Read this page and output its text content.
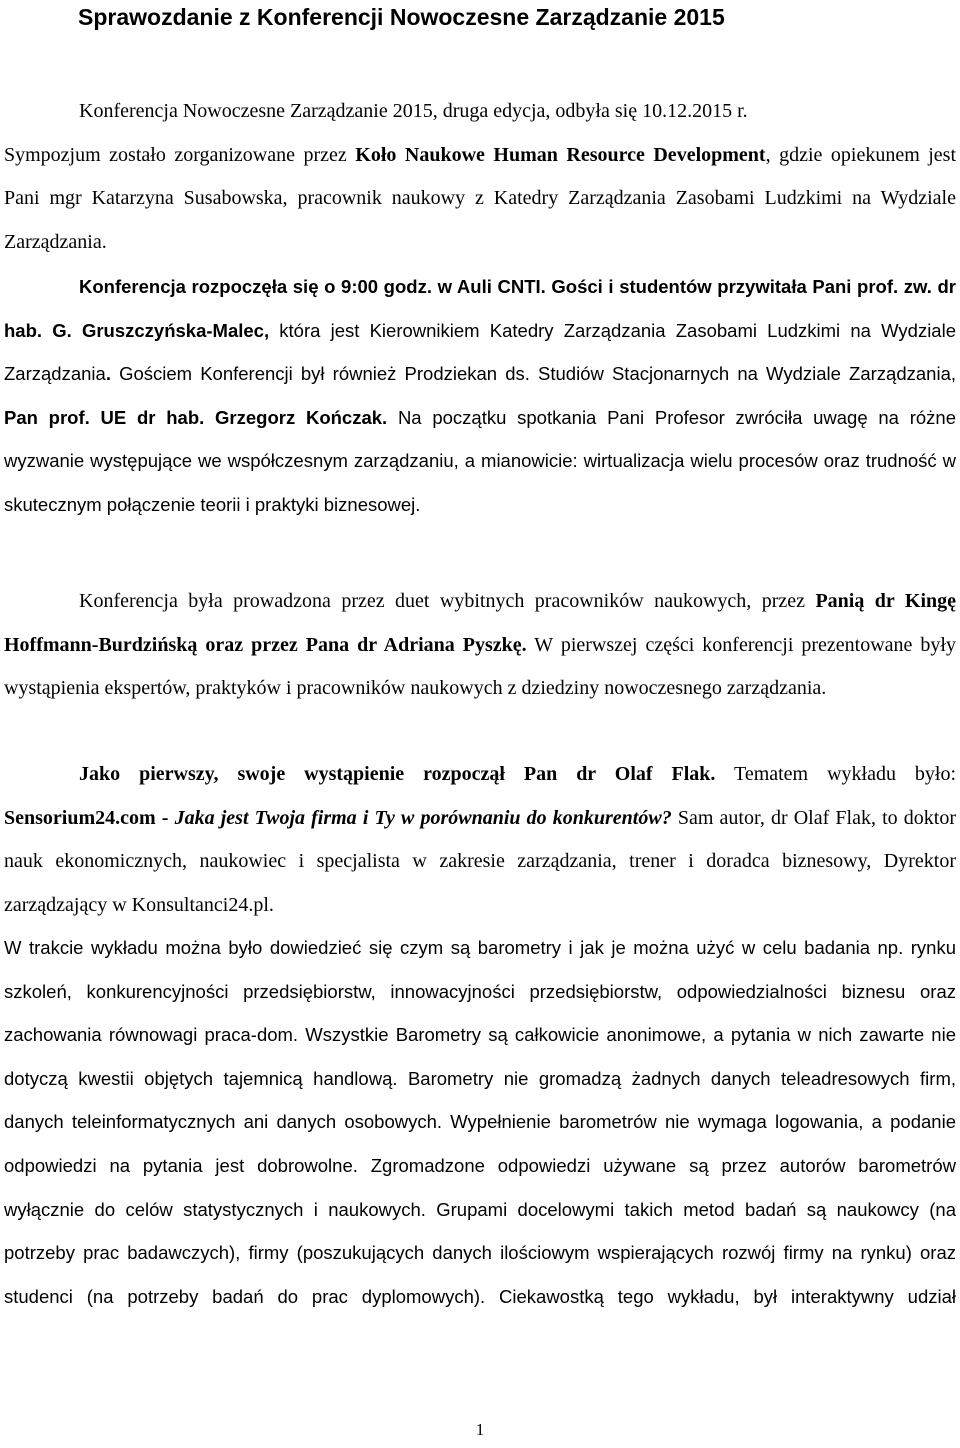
Sprawozdanie z Konferencji Nowoczesne Zarządzanie 2015

Konferencja Nowoczesne Zarządzanie 2015, druga edycja, odbyła się 10.12.2015 r.
Sympozjum zostało zorganizowane przez Koło Naukowe Human Resource Development, gdzie opiekunem jest Pani mgr Katarzyna Susabowska, pracownik naukowy z Katedry Zarządzania Zasobami Ludzkimi na Wydziale Zarządzania.

Konferencja rozpoczęła się o 9:00 godz. w Auli CNTI. Gości i studentów przywitała Pani prof. zw. dr hab. G. Gruszczyńska-Malec, która jest Kierownikiem Katedry Zarządzania Zasobami Ludzkimi na Wydziale Zarządzania. Gościem Konferencji był również Prodziekan ds. Studiów Stacjonarnych na Wydziale Zarządzania, Pan prof. UE dr hab. Grzegorz Kończak. Na początku spotkania Pani Profesor zwróciła uwagę na różne wyzwanie występujące we współczesnym zarządzaniu, a mianowicie: wirtualizacja wielu procesów oraz trudność w skutecznym połączenie teorii i praktyki biznesowej.

Konferencja była prowadzona przez duet wybitnych pracowników naukowych, przez Panią dr Kingę Hoffmann-Burdzińską oraz przez Pana dr Adriana Pyszkę. W pierwszej części konferencji prezentowane były wystąpienia ekspertów, praktyków i pracowników naukowych z dziedziny nowoczesnego zarządzania.

Jako pierwszy, swoje wystąpienie rozpoczął Pan dr Olaf Flak. Tematem wykładu było: Sensorium24.com - Jaka jest Twoja firma i Ty w porównaniu do konkurentów? Sam autor, dr Olaf Flak, to doktor nauk ekonomicznych, naukowiec i specjalista w zakresie zarządzania, trener i doradca biznesowy, Dyrektor zarządzający w Konsultanci24.pl.

W trakcie wykładu można było dowiedzieć się czym są barometry i jak je można użyć w celu badania np. rynku szkoleń, konkurencyjności przedsiębiorstw, innowacyjności przedsiębiorstw, odpowiedzialności biznesu oraz zachowania równowagi praca-dom. Wszystkie Barometry są całkowicie anonimowe, a pytania w nich zawarte nie dotyczą kwestii objętych tajemnicą handlową. Barometry nie gromadzą żadnych danych teleadresowych firm, danych teleinformatycznych ani danych osobowych. Wypełnienie barometrów nie wymaga logowania, a podanie odpowiedzi na pytania jest dobrowolne. Zgromadzone odpowiedzi używane są przez autorów barometrów wyłącznie do celów statystycznych i naukowych. Grupami docelowymi takich metod badań są naukowcy (na potrzeby prac badawczych), firmy (poszukujących danych ilościowym wspierających rozwój firmy na rynku) oraz studenci (na potrzeby badań do prac dyplomowych). Ciekawostką tego wykładu, był interaktywny udział

1
